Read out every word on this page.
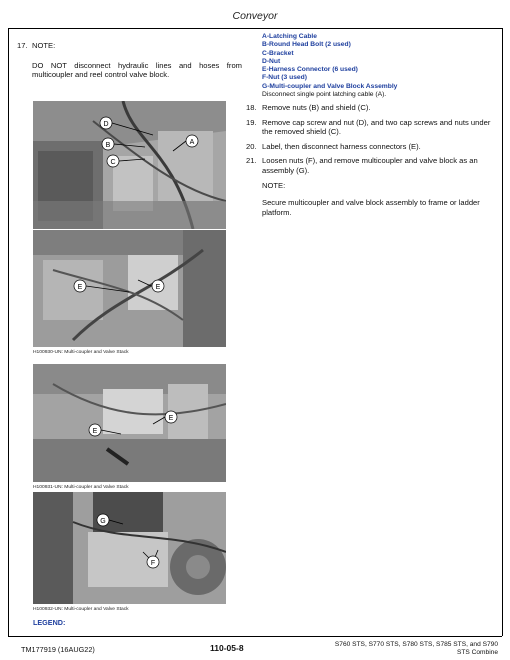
Conveyor
17. NOTE:
DO NOT disconnect hydraulic lines and hoses from multicoupler and reel control valve block.
A-Latching Cable
B-Round Head Bolt (2 used)
C-Bracket
D-Nut
E-Harness Connector (6 used)
F-Nut (3 used)
G-Multi-coupler and Valve Block Assembly
Disconnect single point latching cable (A).
18. Remove nuts (B) and shield (C).
19. Remove cap screw and nut (D), and two cap screws and nuts under the removed shield (C).
20. Label, then disconnect harness connectors (E).
21. Loosen nuts (F), and remove multicoupler and valve block as an assembly (G).
NOTE:
Secure multicoupler and valve block assembly to frame or ladder platform.
D
B
C
A
E	E
H100930-UN: Multi-coupler and Valve Stack
E
E
H100931-UN: Multi-coupler and Valve Stack
G
F
H100932-UN: Multi-coupler and Valve Stack
LEGEND:
TM177919 (16AUG22)	110-05-8	S760 STS, S770 STS, S780 STS, S785 STS, and S790
STS Combine
